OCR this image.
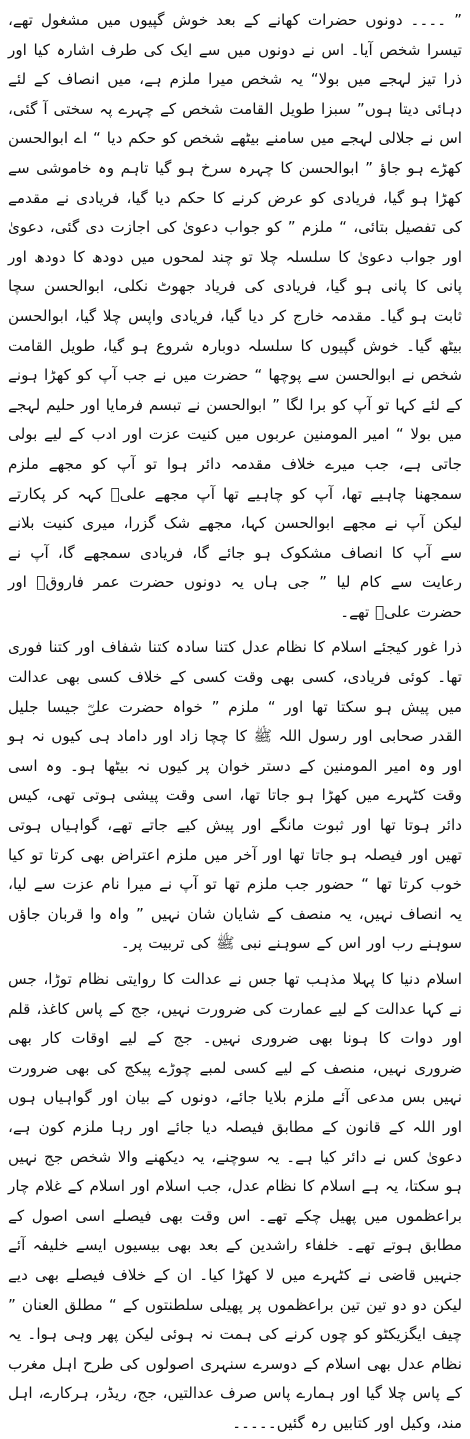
” ۔۔۔۔ دونوں حضرات کھانے کے بعد خوش گپیوں میں مشغول تھے، تیسرا شخص آیا۔ اس نے دونوں میں سے ایک کی طرف اشارہ کیا اور ذرا تیز لہجے میں بولا“ یہ شخص میرا ملزم ہے، میں انصاف کے لئے دہائی دیتا ہوں” سبزا طویل القامت شخص کے چہرے پہ سختی آ گئی، اس نے جلالی لہجے میں سامنے بیٹھے شخص کو حکم دیا “ اے ابوالحسن کھڑے ہو جاؤ ” ابوالحسن کا چہرہ سرخ ہو گیا تاہم وہ خاموشی سے کھڑا ہو گیا، فریادی کو عرض کرنے کا حکم دیا گیا، فریادی نے مقدمے کی تفصیل بتائی، “ ملزم ” کو جواب دعویٰ کی اجازت دی گئی، دعویٰ اور جواب دعویٰ کا سلسلہ چلا تو چند لمحوں میں دودھ کا دودھ اور پانی کا پانی ہو گیا، فریادی کی فریاد جھوٹ نکلی، ابوالحسن سچا ثابت ہو گیا۔ مقدمہ خارج کر دیا گیا، فریادی واپس چلا گیا، ابوالحسن بیٹھ گیا۔ خوش گپیوں کا سلسلہ دوبارہ شروع ہو گیا، طویل القامت شخص نے ابوالحسن سے پوچھا “ حضرت میں نے جب آپ کو کھڑا ہونے کے لئے کہا تو آپ کو برا لگا ” ابوالحسن نے تبسم فرمایا اور حلیم لہجے میں بولا “ امیر المومنین عربوں میں کنیت عزت اور ادب کے لیے بولی جاتی ہے، جب میرے خلاف مقدمہ دائر ہوا تو آپ کو مجھے ملزم سمجھنا چاہیے تھا، آپ کو چاہیے تھا آپ مجھے علیؓ کہہ کر پکارتے لیکن آپ نے مجھے ابوالحسن کہا، مجھے شک گزرا، میری کنیت بلانے سے آپ کا انصاف مشکوک ہو جائے گا، فریادی سمجھے گا، آپ نے رعایت سے کام لیا ” جی ہاں یہ دونوں حضرت عمر فاروقؓ اور حضرت علیؓ تھے۔

ذرا غور کیجئے اسلام کا نظام عدل کتنا سادہ کتنا شفاف اور کتنا فوری تھا۔ کوئی فریادی، کسی بھی وقت کسی کے خلاف کسی بھی عدالت میں پیش ہو سکتا تھا اور “ ملزم ” خواہ حضرت علیؓ جیسا جلیل القدر صحابی اور رسول اللہ ﷺ کا چچا زاد اور داماد ہی کیوں نہ ہو اور وہ امیر المومنین کے دستر خوان پر کیوں نہ بیٹھا ہو۔ وہ اسی وقت کٹہرے میں کھڑا ہو جاتا تھا، اسی وقت پیشی ہوتی تھی، کیس دائر ہوتا تھا اور ثبوت مانگے اور پیش کیے جاتے تھے، گواہیاں ہوتی تھیں اور فیصلہ ہو جاتا تھا اور آخر میں ملزم اعتراض بھی کرتا تو کیا خوب کرتا تھا “ حضور جب ملزم تھا تو آپ نے میرا نام عزت سے لیا، یہ انصاف نہیں، یہ منصف کے شایان شان نہیں ” واہ وا قربان جاؤں سوہنے رب اور اس کے سوہنے نبی ﷺ کی تربیت پر۔

اسلام دنیا کا پہلا مذہب تھا جس نے عدالت کا روایتی نظام توڑا، جس نے کہا عدالت کے لیے عمارت کی ضرورت نہیں، جج کے پاس کاغذ، قلم اور دوات کا ہونا بھی ضروری نہیں۔ جج کے لیے اوقات کار بھی ضروری نہیں، منصف کے لیے کسی لمبے چوڑے پیکج کی بھی ضرورت نہیں بس مدعی آئے ملزم بلایا جائے، دونوں کے بیان اور گواہیاں ہوں اور اللہ کے قانون کے مطابق فیصلہ دیا جائے اور رہا ملزم کون ہے، دعویٰ کس نے دائر کیا ہے۔ یہ سوچنے، یہ دیکھنے والا شخص جج نہیں ہو سکتا، یہ ہے اسلام کا نظام عدل، جب اسلام اور اسلام کے غلام چار براعظموں میں پھیل چکے تھے۔ اس وقت بھی فیصلے اسی اصول کے مطابق ہوتے تھے۔ خلفاء راشدین کے بعد بھی بیسیوں ایسے خلیفہ آئے جنہیں قاضی نے کٹہرے میں لا کھڑا کیا۔ ان کے خلاف فیصلے بھی دیے لیکن دو دو تین تین براعظموں پر پھیلی سلطنتوں کے “ مطلق العنان ” چیف ایگزیکٹو کو چوں کرنے کی ہمت نہ ہوئی لیکن پھر وہی ہوا۔ یہ نظام عدل بھی اسلام کے دوسرے سنہری اصولوں کی طرح اہل مغرب کے پاس چلا گیا اور ہمارے پاس صرف عدالتیں، جج، ریڈر، ہرکارے، اہل مند، وکیل اور کتابیں رہ گئیں۔۔۔۔۔
